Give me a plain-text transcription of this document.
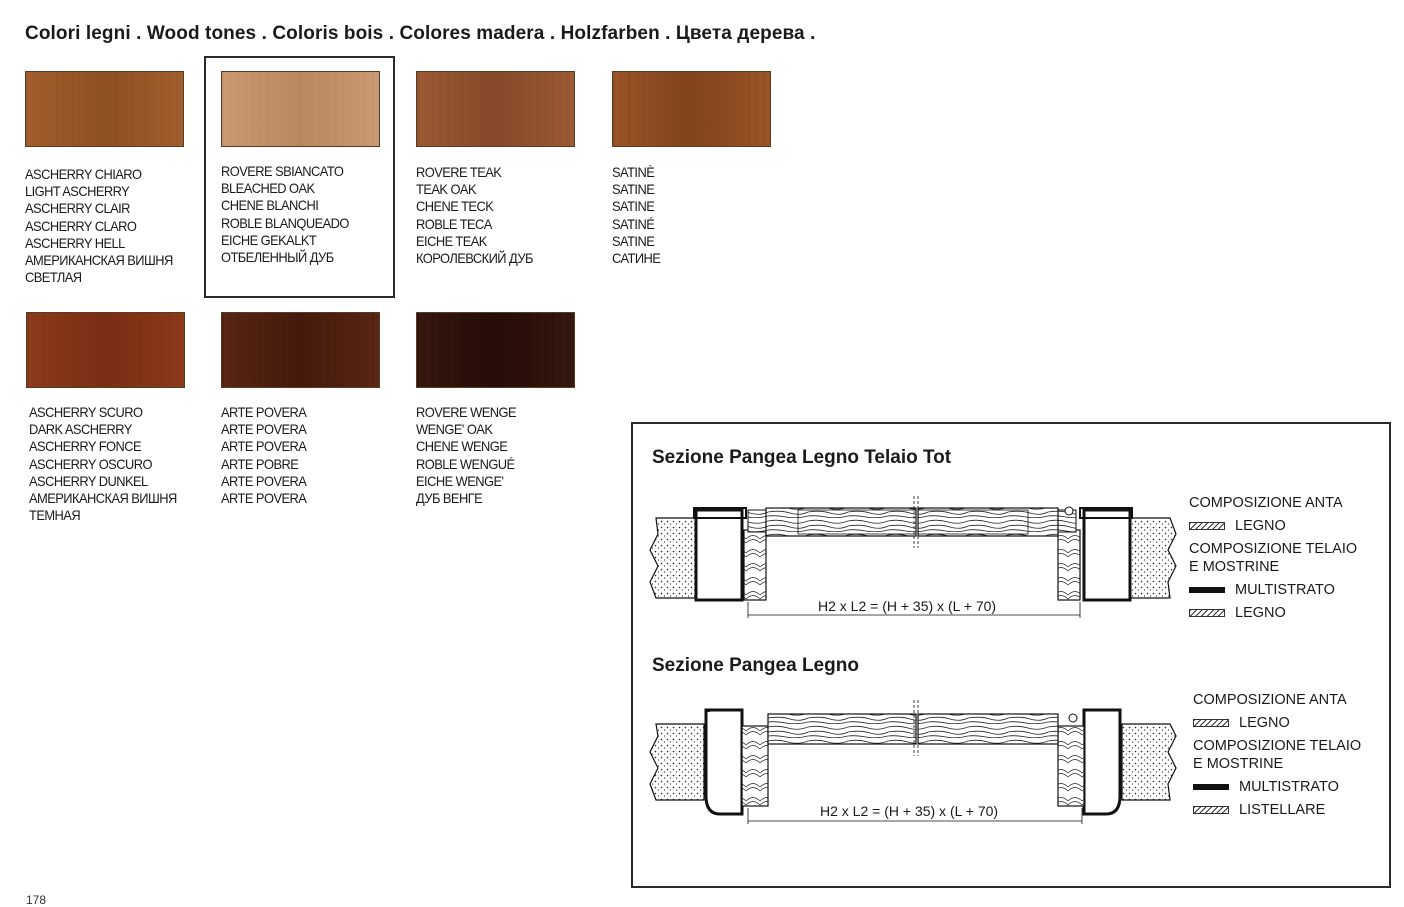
Colori legni . Wood tones . Coloris bois . Colores madera . Holzfarben . Цвета дерева .
ASCHERRY CHIARO
LIGHT ASCHERRY
ASCHERRY CLAIR
ASCHERRY CLARO
ASCHERRY HELL
АМЕРИКАНСКАЯ ВИШНЯ
СВЕТЛАЯ
ROVERE SBIANCATO
BLEACHED OAK
CHENE BLANCHI
ROBLE BLANQUEADO
EICHE GEKALKT
ОТБЕЛЕННЫЙ ДУБ
ROVERE TEAK
TEAK OAK
CHENE TECK
ROBLE TECA
EICHE TEAK
КОРОЛЕВСКИЙ ДУБ
SATINÈ
SATINE
SATINE
SATINÉ
SATINE
САТИНЕ
ASCHERRY SCURO
DARK ASCHERRY
ASCHERRY FONCE
ASCHERRY OSCURO
ASCHERRY DUNKEL
АМЕРИКАНСКАЯ ВИШНЯ
ТЕМНАЯ
ARTE POVERA
ARTE POVERA
ARTE POVERA
ARTE POBRE
ARTE POVERA
ARTE POVERA
ROVERE WENGE
WENGE' OAK
CHENE WENGE
ROBLE WENGUÉ
EICHE WENGE'
ДУБ ВЕНГЕ
Sezione Pangea Legno Telaio Tot
Sezione Pangea Legno
H2 x L2 = (H + 35) x (L + 70)
H2 x L2 = (H + 35) x (L + 70)
COMPOSIZIONE ANTA
LEGNO
COMPOSIZIONE TELAIO
E MOSTRINE
MULTISTRATO
LEGNO
COMPOSIZIONE ANTA
LEGNO
COMPOSIZIONE TELAIO
E MOSTRINE
MULTISTRATO
LISTELLARE
178
